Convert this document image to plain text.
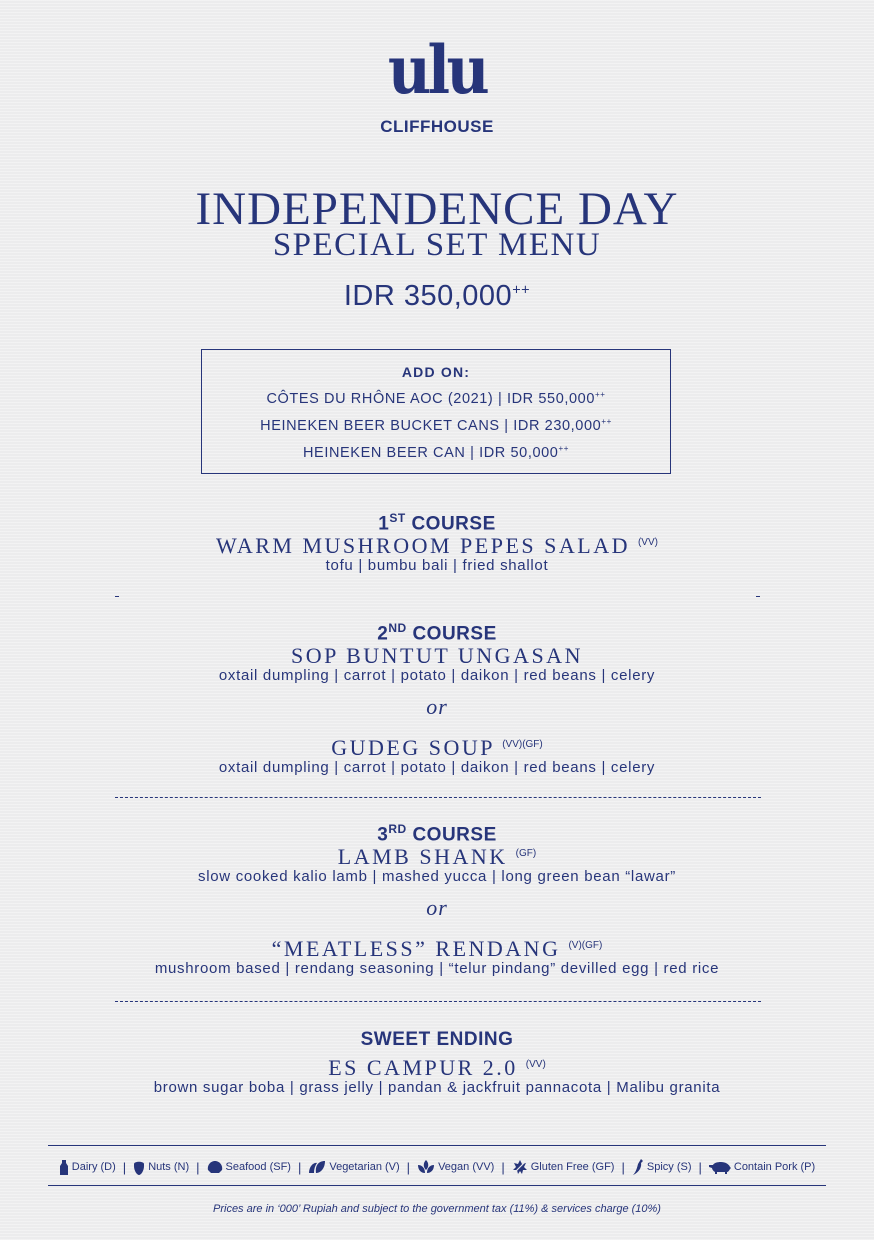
ulu
CLIFFHOUSE
INDEPENDENCE DAY
SPECIAL SET MENU
IDR 350,000++
ADD ON:
CÔTES DU RHÔNE AOC (2021) | IDR 550,000++
HEINEKEN BEER BUCKET CANS | IDR 230,000++
HEINEKEN BEER CAN | IDR 50,000++
1ST COURSE
WARM MUSHROOM PEPES SALAD $^{(VV)}$
tofu | bumbu bali | fried shallot
2ND COURSE
SOP BUNTUT UNGASAN
oxtail dumpling | carrot | potato | daikon | red beans | celery
or
GUDEG SOUP $^{(VV)(GF)}$
oxtail dumpling | carrot | potato | daikon | red beans | celery
3RD COURSE
LAMB SHANK $^{(GF)}$
slow cooked kalio lamb | mashed yucca | long green bean “lawar”
or
“MEATLESS” RENDANG $^{(V)(GF)}$
mushroom based | rendang seasoning | “telur pindang” devilled egg | red rice
SWEET ENDING
ES CAMPUR 2.0 $^{(VV)}$
brown sugar boba | grass jelly | pandan & jackfruit pannacota | Malibu granita
Dairy (D) | Nuts (N) | Seafood (SF) |	Vegetarian (V) |	Vegan (VV) | Gluten Free (GF) | Spicy (S) |	Contain Pork (P)
Prices are in ‘000’ Rupiah and subject to the government tax (11%) & services charge (10%)
